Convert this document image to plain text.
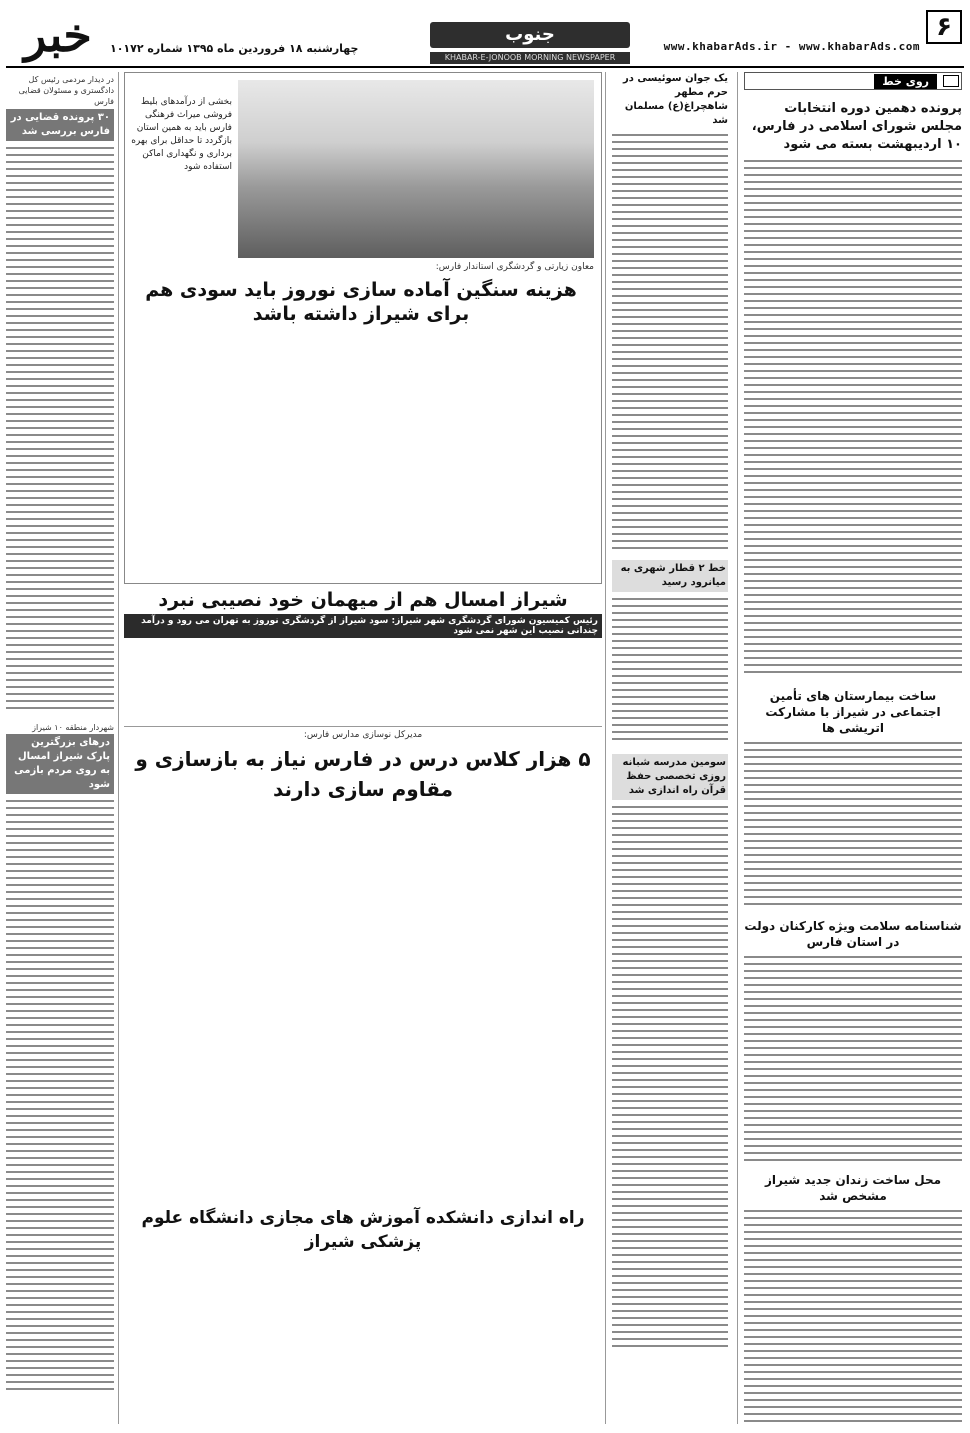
۶
www.khabarAds.ir - www.khabarAds.com
جنوب
KHABAR-E-JONOOB MORNING NEWSPAPER
خبر	چهارشنبه ۱۸ فروردین ماه ۱۳۹۵ شماره ۱۰۱۷۲
روی خط
پرونده دهمین دوره انتخابات مجلس شورای اسلامی در فارس، ۱۰ اردیبهشت بسته می شود
ساخت بیمارستان های تأمین اجتماعی در شیراز با مشارکت اتریشی ها
شناسنامه سلامت ویژه کارکنان دولت در استان فارس
محل ساخت زندان جدید شیراز مشخص شد
یک جوان سوئیسی در حرم مطهر شاهچراغ(ع) مسلمان شد
خط ۲ قطار شهری به میانرود رسید
سومین مدرسه شبانه روزی تخصصی حفظ قرآن راه اندازی شد
بخشی از درآمدهای بلیط فروشی میراث فرهنگی فارس باید به همین استان بازگردد تا حداقل برای بهره برداری و نگهداری اماکن استفاده شود
معاون زیارتی و گردشگری استاندار فارس:
هزینه سنگین آماده سازی نوروز باید سودی هم برای شیراز داشته باشد
شیراز امسال هم از میهمان خود نصیبی نبرد
رئیس کمیسیون شورای گردشگری شهر شیراز: سود شیراز از گردشگری نوروز به تهران می رود و درآمد چندانی نصیب این شهر نمی شود
مدیرکل نوسازی مدارس فارس:
۵ هزار کلاس درس در فارس نیاز به بازسازی و مقاوم سازی دارند
راه اندازی دانشکده آموزش های مجازی دانشگاه علوم پزشکی شیراز
در دیدار مردمی رئیس کل دادگستری و مسئولان قضایی فارس
۳۰ پرونده قضایی در فارس بررسی شد
شهردار منطقه ۱۰ شیراز
درهای بزرگترین پارک شیراز امسال به روی مردم بازمی شود
